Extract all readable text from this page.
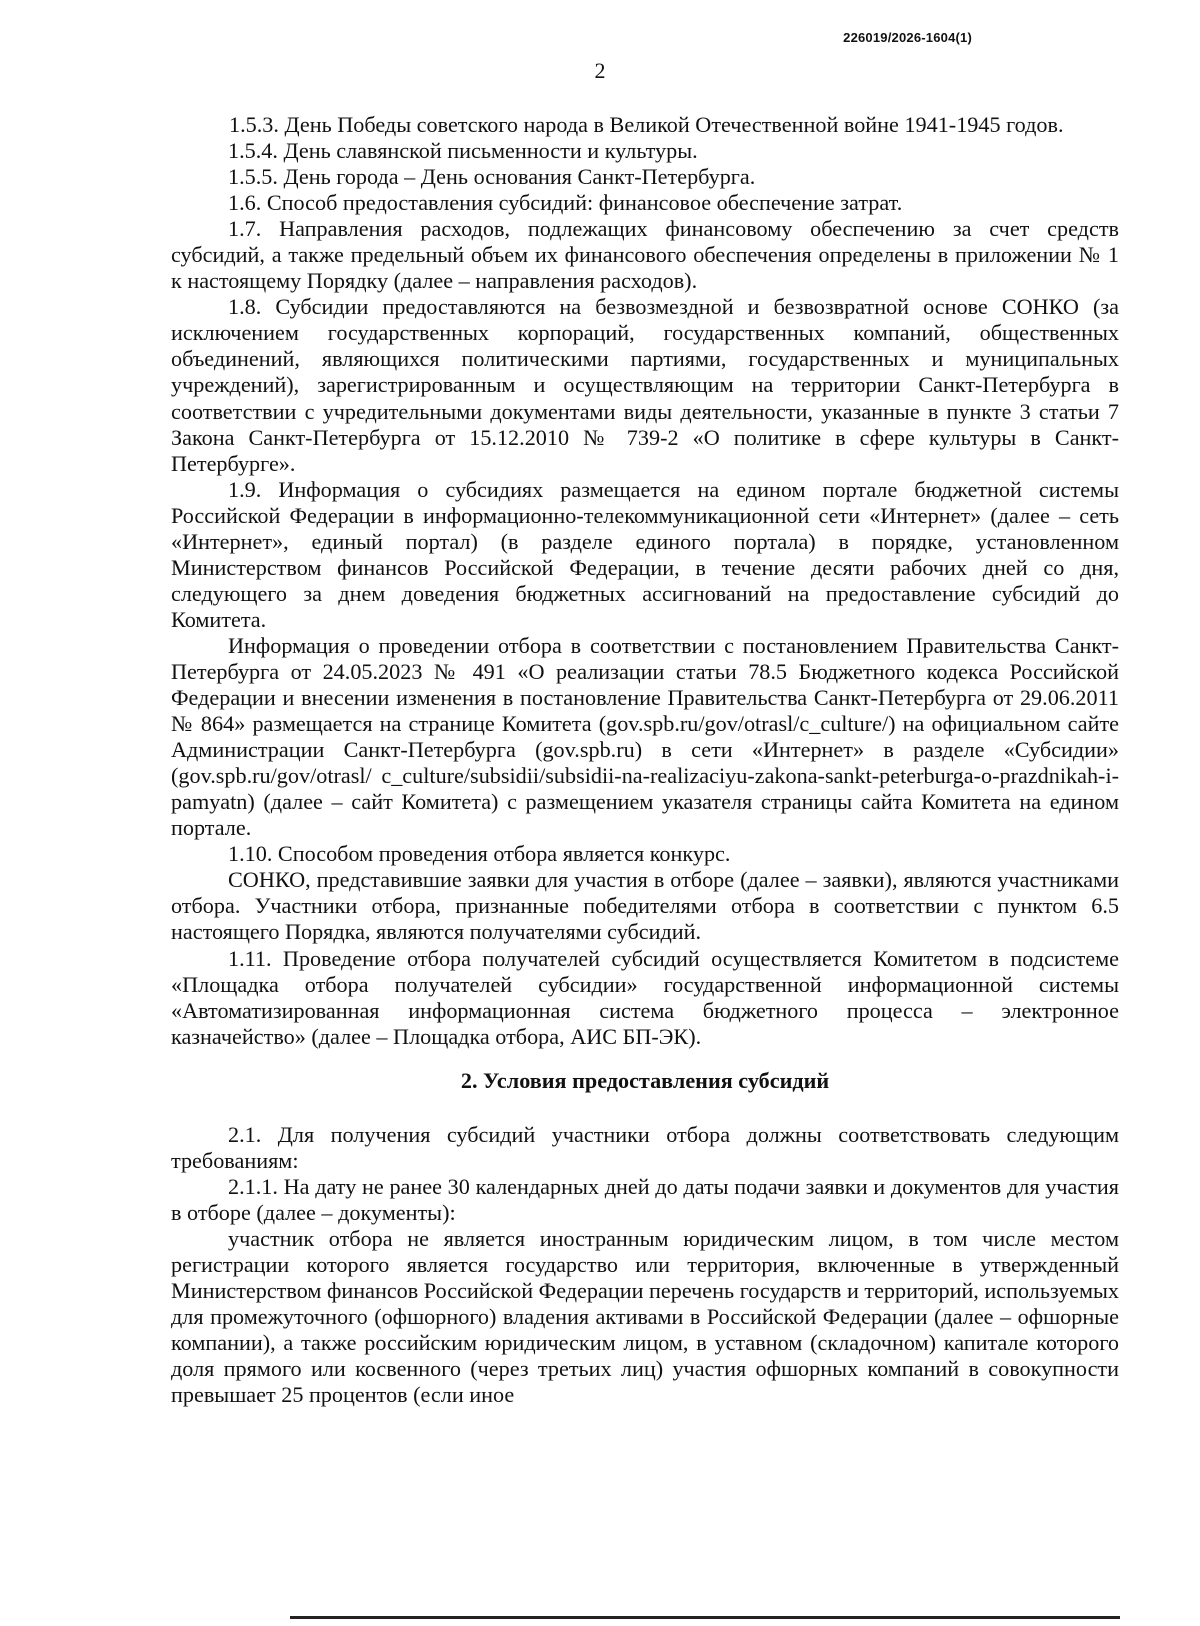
226019/2026-1604(1)
2

1.5.3. День Победы советского народа в Великой Отечественной войне 1941-1945 годов.

1.5.4. День славянской письменности и культуры.

1.5.5. День города – День основания Санкт-Петербурга.

1.6. Способ предоставления субсидий: финансовое обеспечение затрат.

1.7. Направления расходов, подлежащих финансовому обеспечению за счет средств субсидий, а также предельный объем их финансового обеспечения определены в приложении № 1 к настоящему Порядку (далее – направления расходов).

1.8. Субсидии предоставляются на безвозмездной и безвозвратной основе СОНКО (за исключением государственных корпораций, государственных компаний, общественных объединений, являющихся политическими партиями, государственных и муниципальных учреждений), зарегистрированным и осуществляющим на территории Санкт-Петербурга в соответствии с учредительными документами виды деятельности, указанные в пункте 3 статьи 7 Закона Санкт-Петербурга от 15.12.2010 № 739-2 «О политике в сфере культуры в Санкт-Петербурге».

1.9. Информация о субсидиях размещается на едином портале бюджетной системы Российской Федерации в информационно-телекоммуникационной сети «Интернет» (далее – сеть «Интернет», единый портал) (в разделе единого портала) в порядке, установленном Министерством финансов Российской Федерации, в течение десяти рабочих дней со дня, следующего за днем доведения бюджетных ассигнований на предоставление субсидий до Комитета.

Информация о проведении отбора в соответствии с постановлением Правительства Санкт-Петербурга от 24.05.2023 № 491 «О реализации статьи 78.5 Бюджетного кодекса Российской Федерации и внесении изменения в постановление Правительства Санкт-Петербурга от 29.06.2011 № 864» размещается на странице Комитета (gov.spb.ru/gov/otrasl/c_culture/) на официальном сайте Администрации Санкт-Петербурга (gov.spb.ru) в сети «Интернет» в разделе «Субсидии» (gov.spb.ru/gov/otrasl/ c_culture/subsidii/subsidii-na-realizaciyu-zakona-sankt-peterburga-o-prazdnikah-i-pamyatn) (далее – сайт Комитета) с размещением указателя страницы сайта Комитета на едином портале.

1.10. Способом проведения отбора является конкурс.

СОНКО, представившие заявки для участия в отборе (далее – заявки), являются участниками отбора. Участники отбора, признанные победителями отбора в соответствии с пунктом 6.5 настоящего Порядка, являются получателями субсидий.

1.11. Проведение отбора получателей субсидий осуществляется Комитетом в подсистеме «Площадка отбора получателей субсидии» государственной информационной системы «Автоматизированная информационная система бюджетного процесса – электронное казначейство» (далее – Площадка отбора, АИС БП-ЭК).

2. Условия предоставления субсидий

2.1. Для получения субсидий участники отбора должны соответствовать следующим требованиям:

2.1.1. На дату не ранее 30 календарных дней до даты подачи заявки и документов для участия в отборе (далее – документы):

участник отбора не является иностранным юридическим лицом, в том числе местом регистрации которого является государство или территория, включенные в утвержденный Министерством финансов Российской Федерации перечень государств и территорий, используемых для промежуточного (офшорного) владения активами в Российской Федерации (далее – офшорные компании), а также российским юридическим лицом, в уставном (складочном) капитале которого доля прямого или косвенного (через третьих лиц) участия офшорных компаний в совокупности превышает 25 процентов (если иное
